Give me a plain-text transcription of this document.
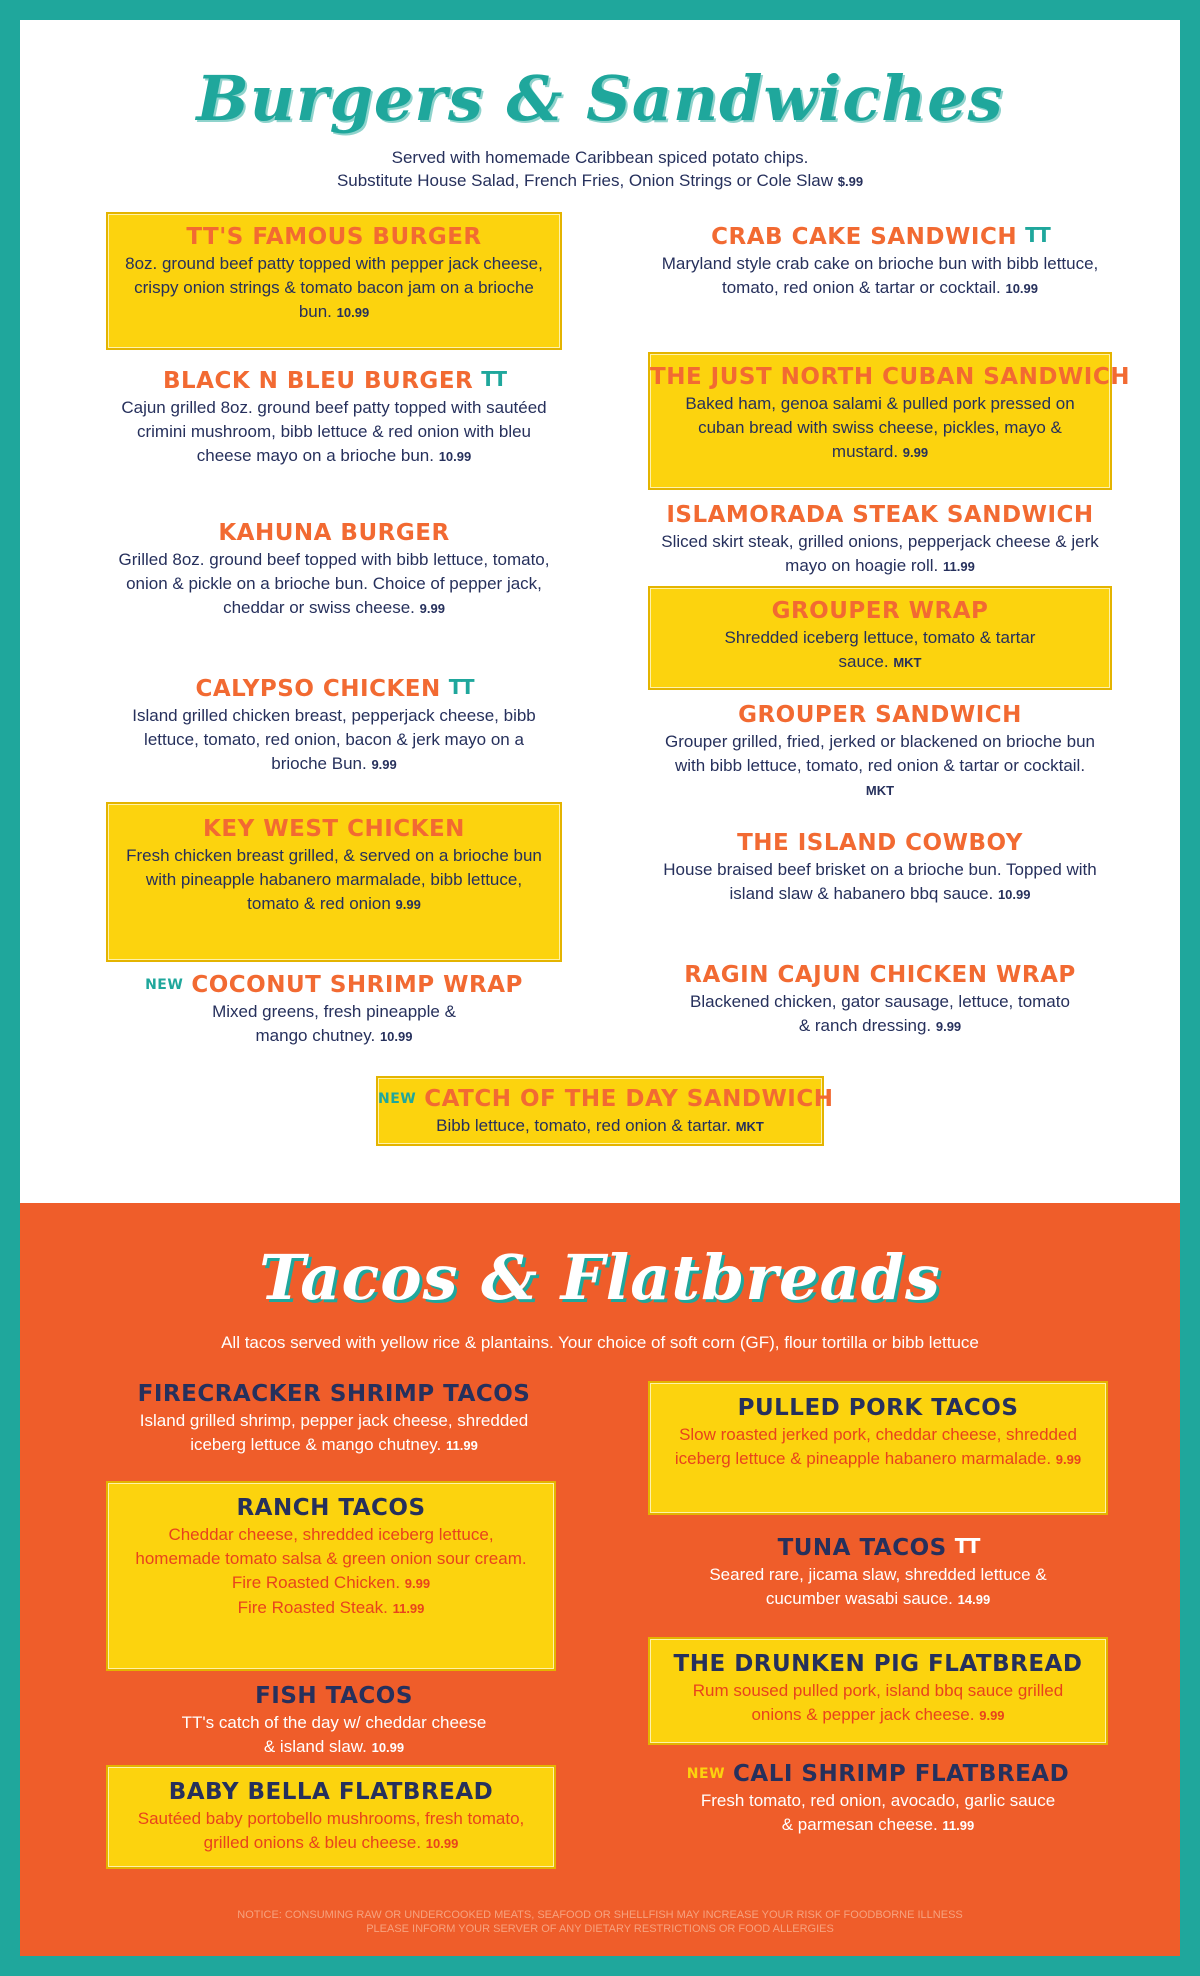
Burgers & Sandwiches
Served with homemade Caribbean spiced potato chips.
Substitute House Salad, French Fries, Onion Strings or Cole Slaw $.99
TT'S FAMOUS BURGER
8oz. ground beef patty topped with pepper jack cheese, crispy onion strings & tomato bacon jam on a brioche bun. 10.99
BLACK N BLEU BURGER TT
Cajun grilled 8oz. ground beef patty topped with sautéed crimini mushroom, bibb lettuce & red onion with bleu cheese mayo on a brioche bun. 10.99
KAHUNA BURGER
Grilled 8oz. ground beef topped with bibb lettuce, tomato, onion & pickle on a brioche bun. Choice of pepper jack, cheddar or swiss cheese. 9.99
CALYPSO CHICKEN TT
Island grilled chicken breast, pepperjack cheese, bibb lettuce, tomato, red onion, bacon & jerk mayo on a brioche Bun. 9.99
KEY WEST CHICKEN
Fresh chicken breast grilled, & served on a brioche bun with pineapple habanero marmalade, bibb lettuce, tomato & red onion 9.99
NEW COCONUT SHRIMP WRAP
Mixed greens, fresh pineapple & mango chutney. 10.99
CRAB CAKE SANDWICH TT
Maryland style crab cake on brioche bun with bibb lettuce, tomato, red onion & tartar or cocktail. 10.99
THE JUST NORTH CUBAN SANDWICH
Baked ham, genoa salami & pulled pork pressed on cuban bread with swiss cheese, pickles, mayo & mustard. 9.99
ISLAMORADA STEAK SANDWICH
Sliced skirt steak, grilled onions, pepperjack cheese & jerk mayo on hoagie roll. 11.99
GROUPER WRAP
Shredded iceberg lettuce, tomato & tartar sauce. MKT
GROUPER SANDWICH
Grouper grilled, fried, jerked or blackened on brioche bun with bibb lettuce, tomato, red onion & tartar or cocktail. MKT
THE ISLAND COWBOY
House braised beef brisket on a brioche bun. Topped with island slaw & habanero bbq sauce. 10.99
RAGIN CAJUN CHICKEN WRAP
Blackened chicken, gator sausage, lettuce, tomato & ranch dressing. 9.99
NEW CATCH OF THE DAY SANDWICH
Bibb lettuce, tomato, red onion & tartar. MKT
Tacos & Flatbreads
All tacos served with yellow rice & plantains. Your choice of soft corn (GF), flour tortilla or bibb lettuce
FIRECRACKER SHRIMP TACOS
Island grilled shrimp, pepper jack cheese, shredded iceberg lettuce & mango chutney. 11.99
RANCH TACOS
Cheddar cheese, shredded iceberg lettuce, homemade tomato salsa & green onion sour cream.
Fire Roasted Chicken. 9.99
Fire Roasted Steak. 11.99
FISH TACOS
TT's catch of the day w/ cheddar cheese & island slaw. 10.99
BABY BELLA FLATBREAD
Sautéed baby portobello mushrooms, fresh tomato, grilled onions & bleu cheese. 10.99
PULLED PORK TACOS
Slow roasted jerked pork, cheddar cheese, shredded iceberg lettuce & pineapple habanero marmalade. 9.99
TUNA TACOS TT
Seared rare, jicama slaw, shredded lettuce & cucumber wasabi sauce. 14.99
THE DRUNKEN PIG FLATBREAD
Rum soused pulled pork, island bbq sauce grilled onions & pepper jack cheese. 9.99
NEW CALI SHRIMP FLATBREAD
Fresh tomato, red onion, avocado, garlic sauce & parmesan cheese. 11.99
NOTICE: CONSUMING RAW OR UNDERCOOKED MEATS, SEAFOOD OR SHELLFISH MAY INCREASE YOUR RISK OF FOODBORNE ILLNESS
PLEASE INFORM YOUR SERVER OF ANY DIETARY RESTRICTIONS OR FOOD ALLERGIES
